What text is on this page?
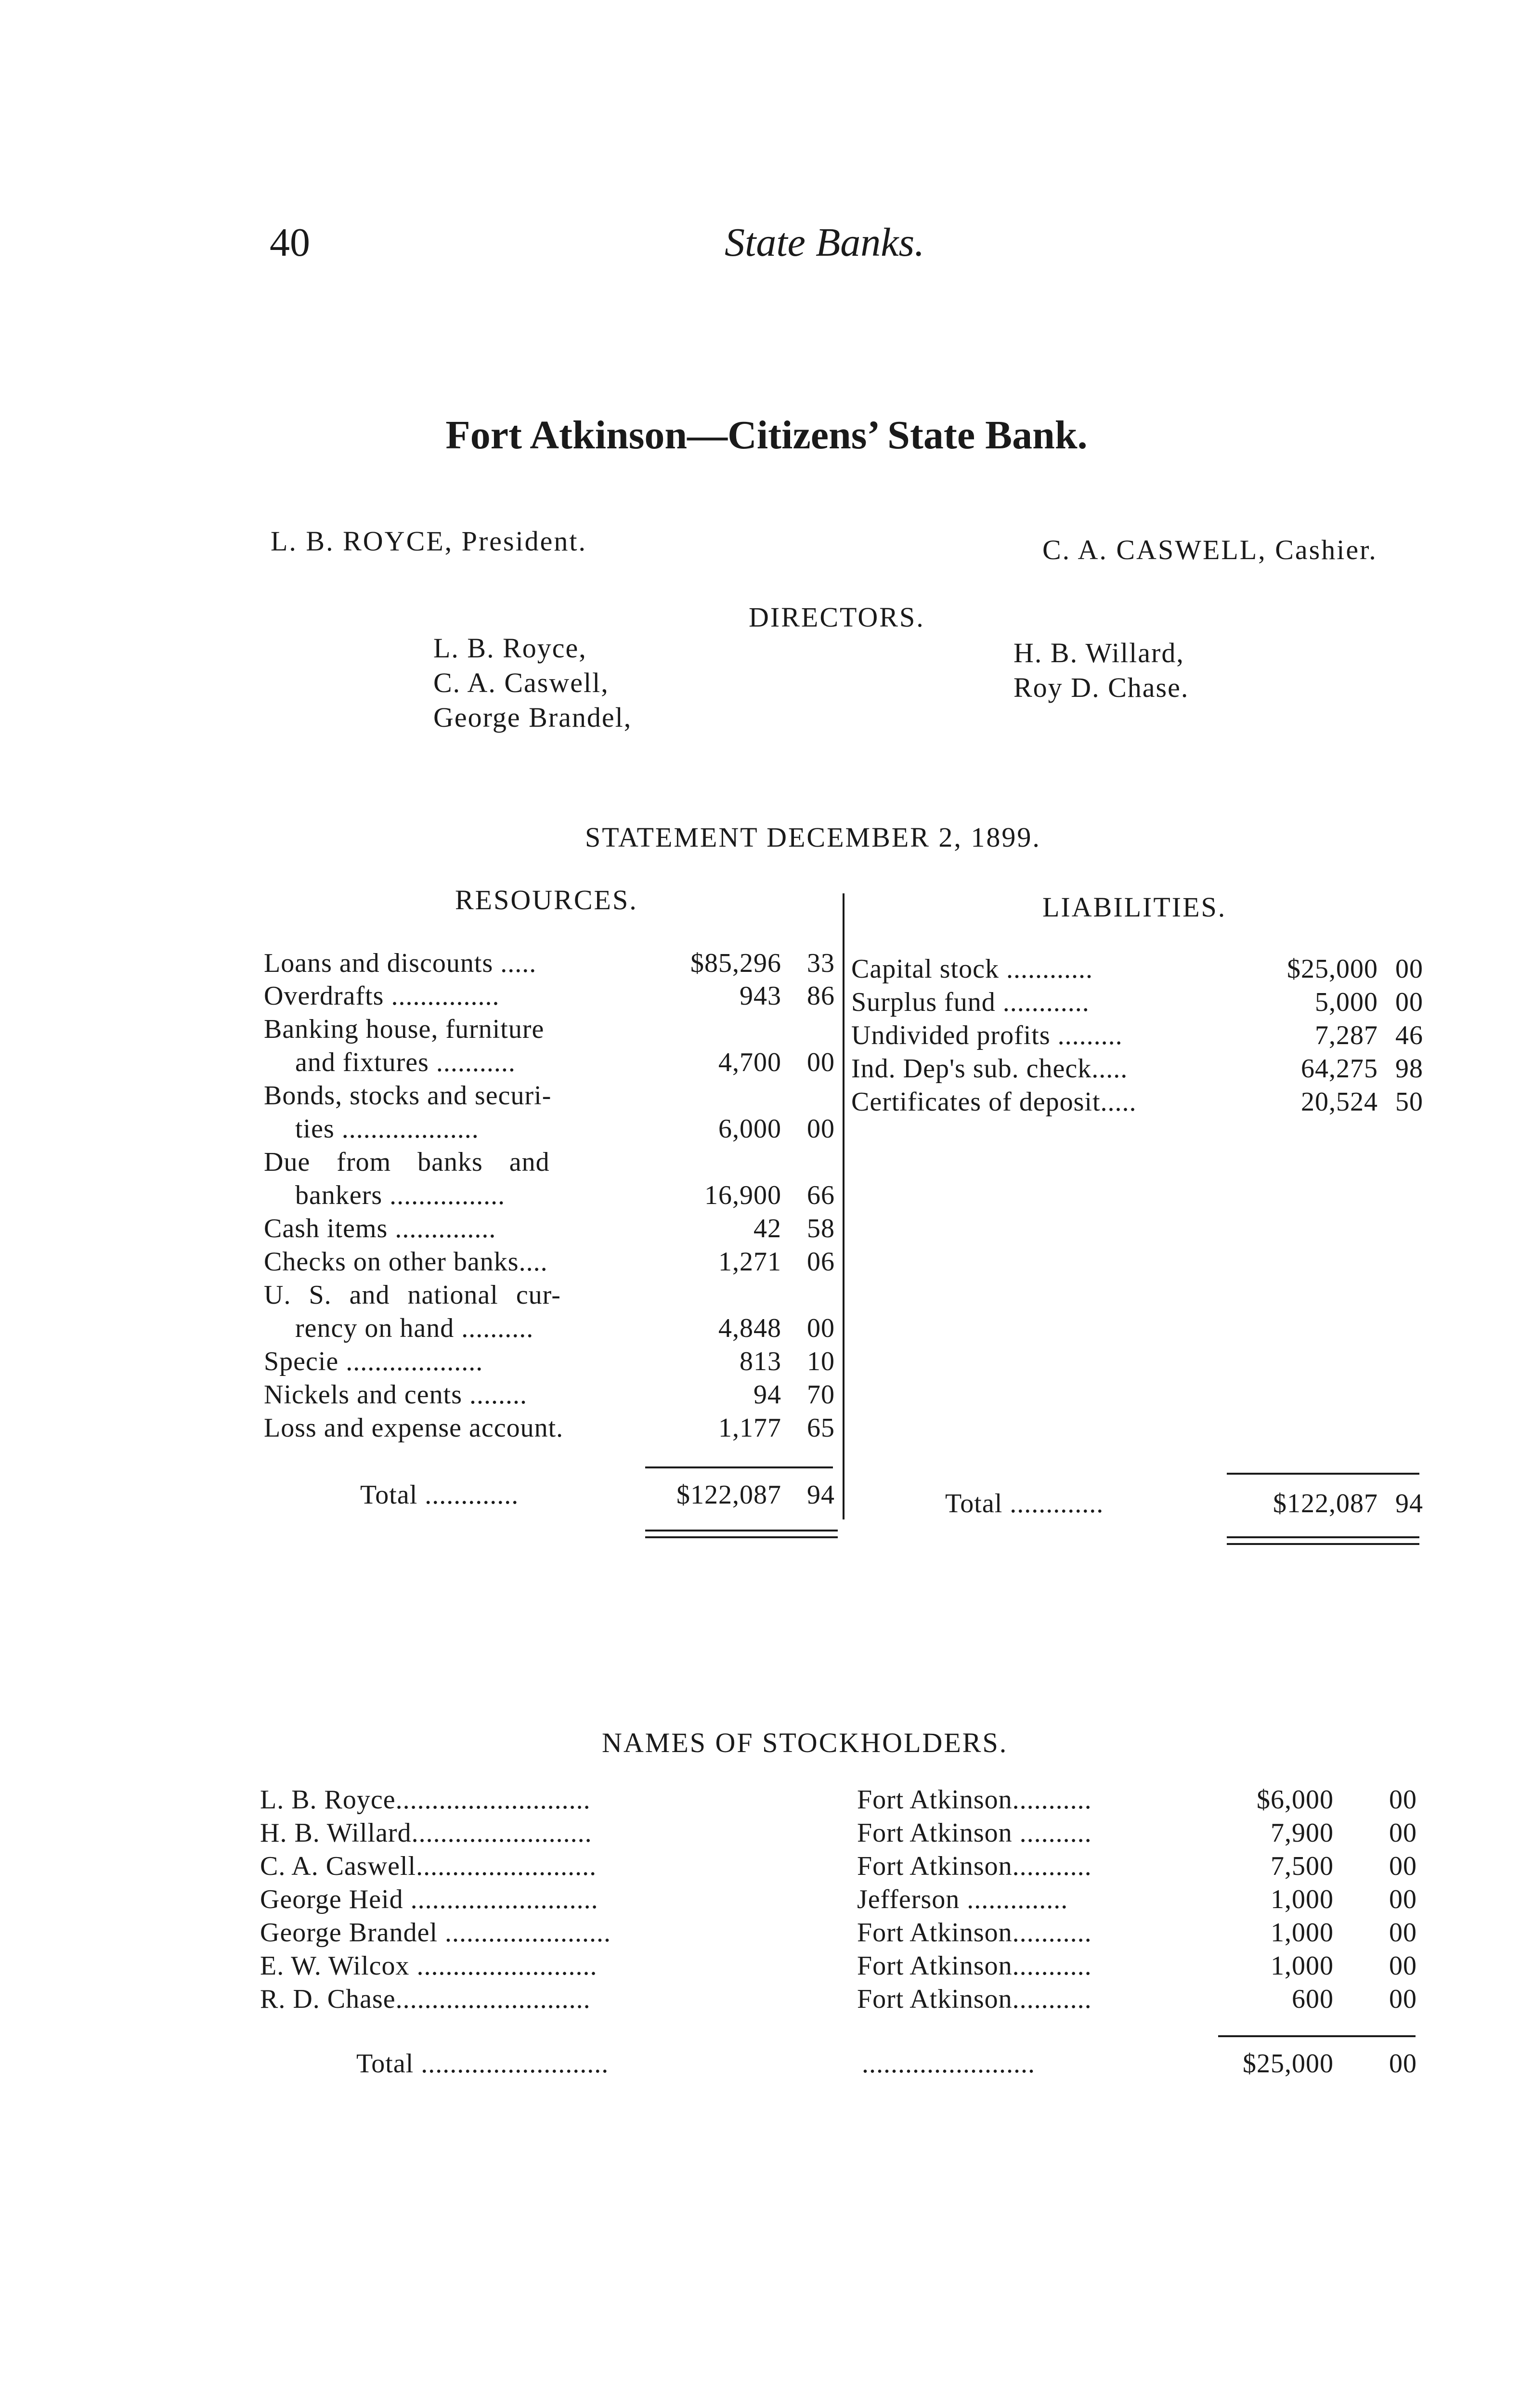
40	State Banks.
Fort Atkinson—Citizens’ State Bank.
L. B. ROYCE, President.	C. A. CASWELL, Cashier.
DIRECTORS.
L. B. Royce,
C. A. Caswell,
George Brandel,
H. B. Willard,
Roy D. Chase.
STATEMENT DECEMBER 2, 1899.
RESOURCES.	LIABILITIES.
Loans and discounts .....	$85,296 33
Overdrafts ...............	943 86
Banking house, furniture
and fixtures ...........	4,700 00
Bonds, stocks and securi-
ties ...................	6,000 00
Due from banks and
bankers ................	16,900 66
Cash items ..............	42 58
Checks on other banks....	1,271 06
U. S. and national cur-
rency on hand ..........	4,848 00
Specie ...................	813 10
Nickels and cents ........	94 70
Loss and expense account.	1,177 65
Total .............	$122,087 94
Capital stock ............	$25,000 00
Surplus fund ............	5,000 00
Undivided profits .........	7,287 46
Ind. Dep's sub. check.....	64,275 98
Certificates of deposit.....	20,524 50
Total .............	$122,087 94
NAMES OF STOCKHOLDERS.
L. B. Royce...........................	Fort Atkinson...........	$6,000 00
H. B. Willard.........................	Fort Atkinson ..........	7,900 00
C. A. Caswell.........................	Fort Atkinson...........	7,500 00
George Heid ..........................	Jefferson ..............	1,000 00
George Brandel .......................	Fort Atkinson...........	1,000 00
E. W. Wilcox .........................	Fort Atkinson...........	1,000 00
R. D. Chase...........................	Fort Atkinson...........	600 00
Total ..........................	........................	$25,000 00
